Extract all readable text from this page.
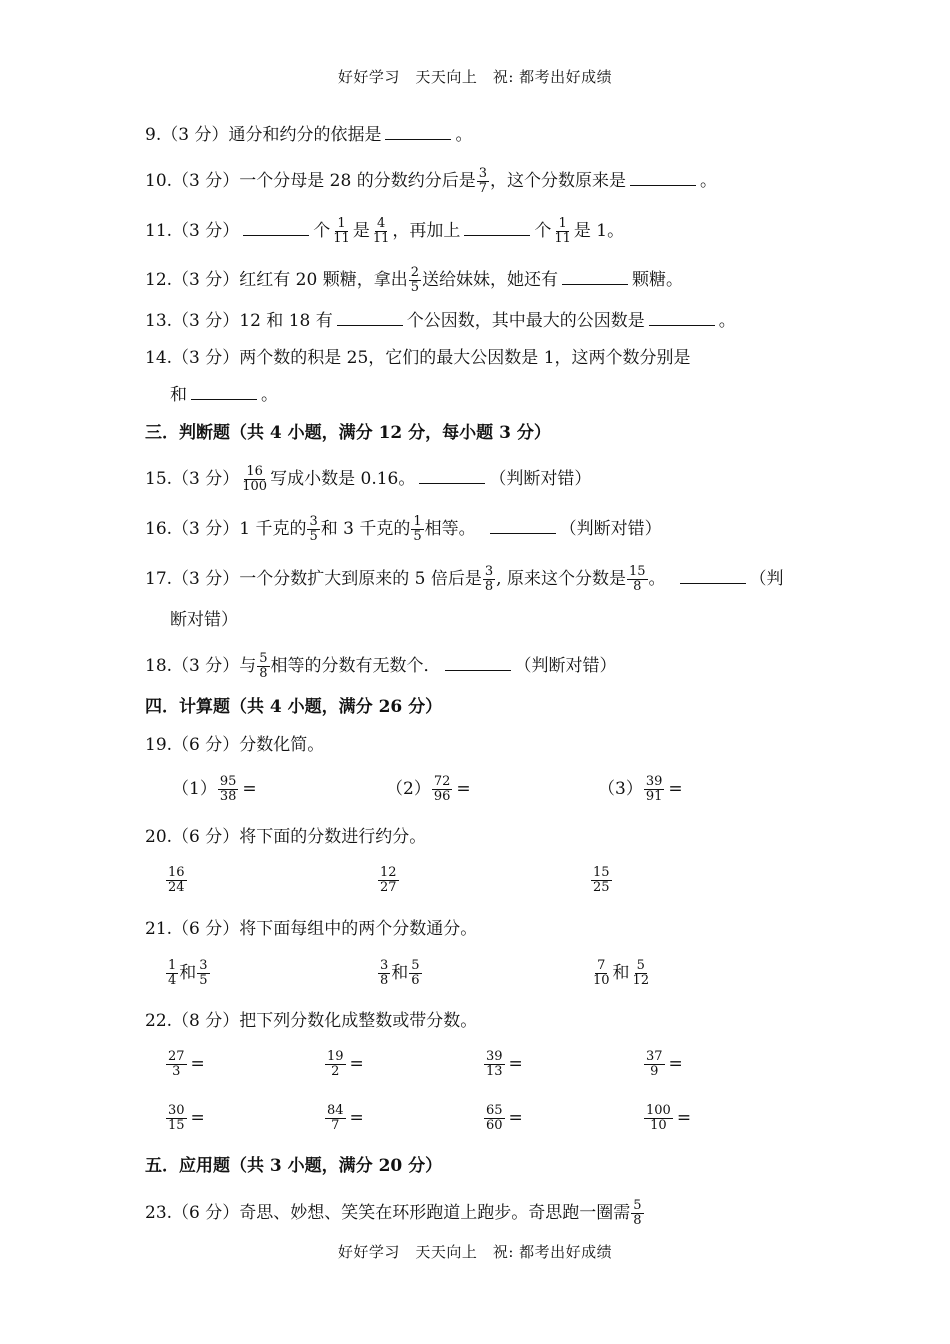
好好学习　天天向上　祝: 都考出好成绩
9.（3 分）通分和约分的依据是	。
10.（3 分）一个分母是 28 的分数约分后是 $\frac{3}{7}$ ，这个分数原来是	。
11.（3 分）	个 $\frac{1}{11}$ 是 $\frac{4}{11}$ ，再加上	个 $\frac{1}{11}$ 是 1。
12.（3 分）红红有 20 颗糖，拿出 $\frac{2}{5}$ 送给妹妹，她还有	颗糖。
13.（3 分）12 和 18 有	个公因数，其中最大的公因数是	。
14.（3 分）两个数的积是 25，它们的最大公因数是 1，这两个数分别是
和	。
三．判断题（共 4 小题，满分 12 分，每小题 3 分）
15.（3 分） $\frac{16}{100}$ 写成小数是 0.16。	（判断对错）
16.（3 分）1 千克的 $\frac{3}{5}$ 和 3 千克的 $\frac{1}{5}$ 相等。	（判断对错）
17.（3 分）一个分数扩大到原来的 5 倍后是 $\frac{3}{8}$ , 原来这个分数是 $\frac{15}{8}$ 。	（判
断对错）
18.（3 分）与 $\frac{5}{8}$ 相等的分数有无数个．	（判断对错）
四．计算题（共 4 小题，满分 26 分）
19.（6 分）分数化简。
$(1) \frac{95}{38}$ =	$(2) \frac{72}{96}$ =	$(3) \frac{39}{91}$ =
20.（6 分）将下面的分数进行约分。
$\frac{16}{24}$	$\frac{12}{27}$	$\frac{15}{25}$
21.（6 分）将下面每组中的两个分数通分。
$\frac{1}{4}$ 和 $\frac{3}{5}$	$\frac{3}{8}$ 和 $\frac{5}{6}$	$\frac{7}{10}$ 和 $\frac{5}{12}$
22.（8 分）把下列分数化成整数或带分数。
$\frac{27}{3}$ =	$\frac{19}{2}$ =	$\frac{39}{13}$ =	$\frac{37}{9}$ =
$\frac{30}{15}$ =	$\frac{84}{7}$ =	$\frac{65}{60}$ =	$\frac{100}{10}$ =
五．应用题（共 3 小题，满分 20 分）
23.（6 分）奇思、妙想、笑笑在环形跑道上跑步。奇思跑一圈需 $\frac{5}{8}$
好好学习　天天向上　祝: 都考出好成绩
